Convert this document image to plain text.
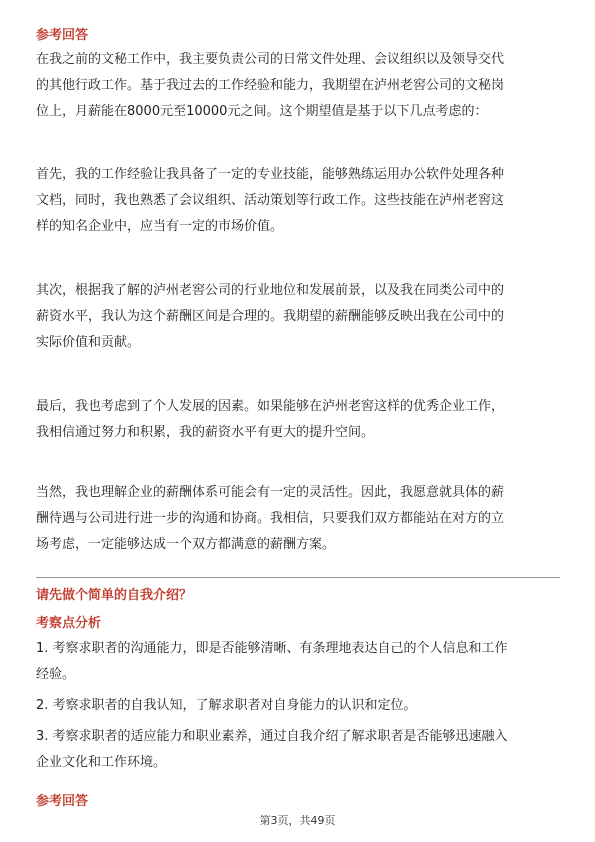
参考回答

在我之前的文秘工作中，我主要负责公司的日常文件处理、会议组织以及领导交代
的其他行政工作。基于我过去的工作经验和能力，我期望在泸州老窖公司的文秘岗
位上，月薪能在8000元至10000元之间。这个期望值是基于以下几点考虑的：

首先，我的工作经验让我具备了一定的专业技能，能够熟练运用办公软件处理各种
文档，同时，我也熟悉了会议组织、活动策划等行政工作。这些技能在泸州老窖这
样的知名企业中，应当有一定的市场价值。

其次，根据我了解的泸州老窖公司的行业地位和发展前景，以及我在同类公司中的
薪资水平，我认为这个薪酬区间是合理的。我期望的薪酬能够反映出我在公司中的
实际价值和贡献。

最后，我也考虑到了个人发展的因素。如果能够在泸州老窖这样的优秀企业工作，
我相信通过努力和积累，我的薪资水平有更大的提升空间。

当然，我也理解企业的薪酬体系可能会有一定的灵活性。因此，我愿意就具体的薪
酬待遇与公司进行进一步的沟通和协商。我相信，只要我们双方都能站在对方的立
场考虑，一定能够达成一个双方都满意的薪酬方案。

请先做个简单的自我介绍？
考察点分析
1. 考察求职者的沟通能力，即是否能够清晰、有条理地表达自己的个人信息和工作
经验。
2. 考察求职者的自我认知，了解求职者对自身能力的认识和定位。
3. 考察求职者的适应能力和职业素养，通过自我介绍了解求职者是否能够迅速融入
企业文化和工作环境。
参考回答
第3页，共49页
